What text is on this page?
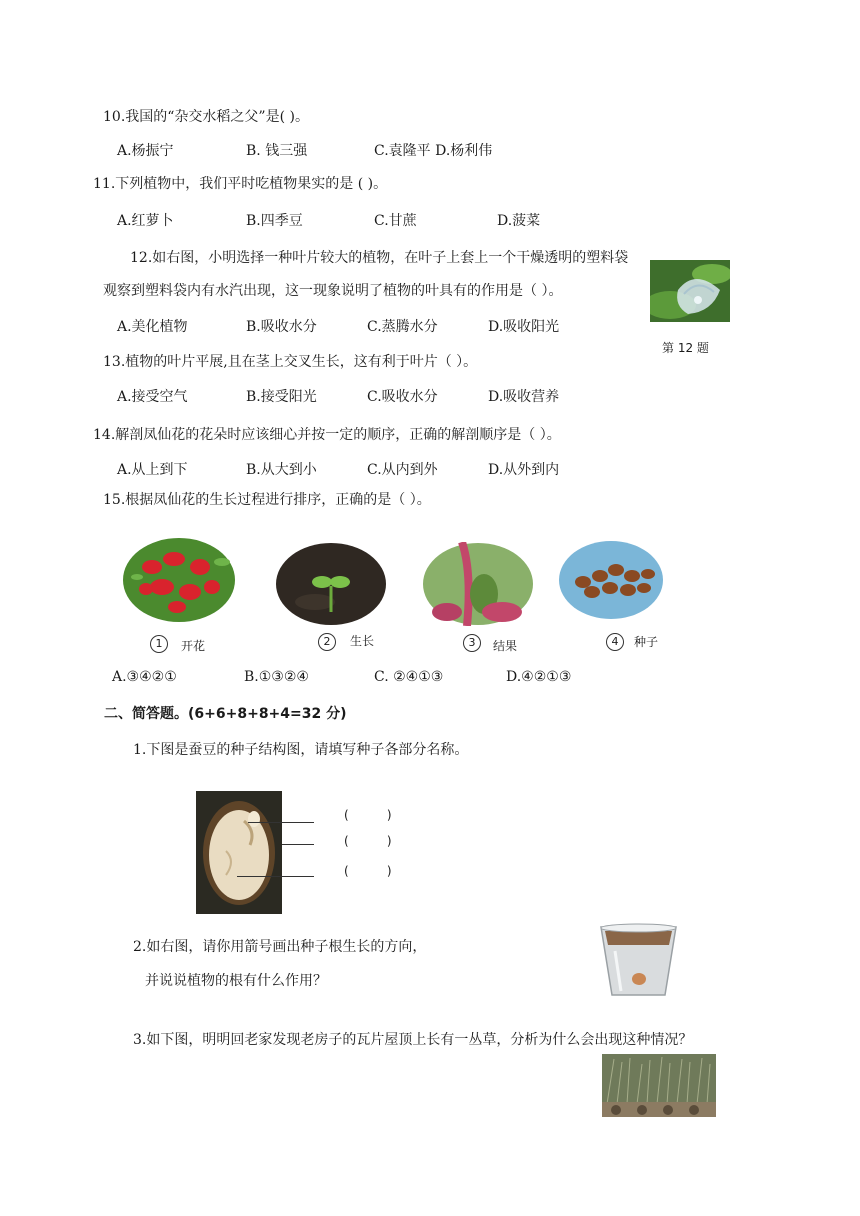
10.我国的“杂交水稻之父”是( )。
A.杨振宁	B. 钱三强	C.袁隆平 D.杨利伟
11.下列植物中，我们平时吃植物果实的是 ( )。
A.红萝卜	B.四季豆	C.甘蔗	D.菠菜
12.如右图，小明选择一种叶片较大的植物，在叶子上套上一个干燥透明的塑料袋
观察到塑料袋内有水汽出现，这一现象说明了植物的叶具有的作用是（ ）。
A.美化植物	B.吸收水分	C.蒸腾水分	D.吸收阳光
第 12 题
13.植物的叶片平展,且在茎上交叉生长，这有利于叶片（ ）。
A.接受空气	B.接受阳光	C.吸收水分	D.吸收营养
14.解剖凤仙花的花朵时应该细心并按一定的顺序，正确的解剖顺序是（ ）。
A.从上到下	B.从大到小	C.从内到外	D.从外到内
15.根据凤仙花的生长过程进行排序，正确的是（ ）。
1	开花	2	生长	3	结果	4	种子
A.③④②①	B.①③②④	C. ②④①③	D.④②①③
二、简答题。(6+6+8+8+4=32 分)
1.下图是蚕豆的种子结构图，请填写种子各部分名称。
(          )
(          )
(          )
2.如右图，请你用箭号画出种子根生长的方向，
并说说植物的根有什么作用？
3.如下图，明明回老家发现老房子的瓦片屋顶上长有一丛草，分析为什么会出现这种情况？
